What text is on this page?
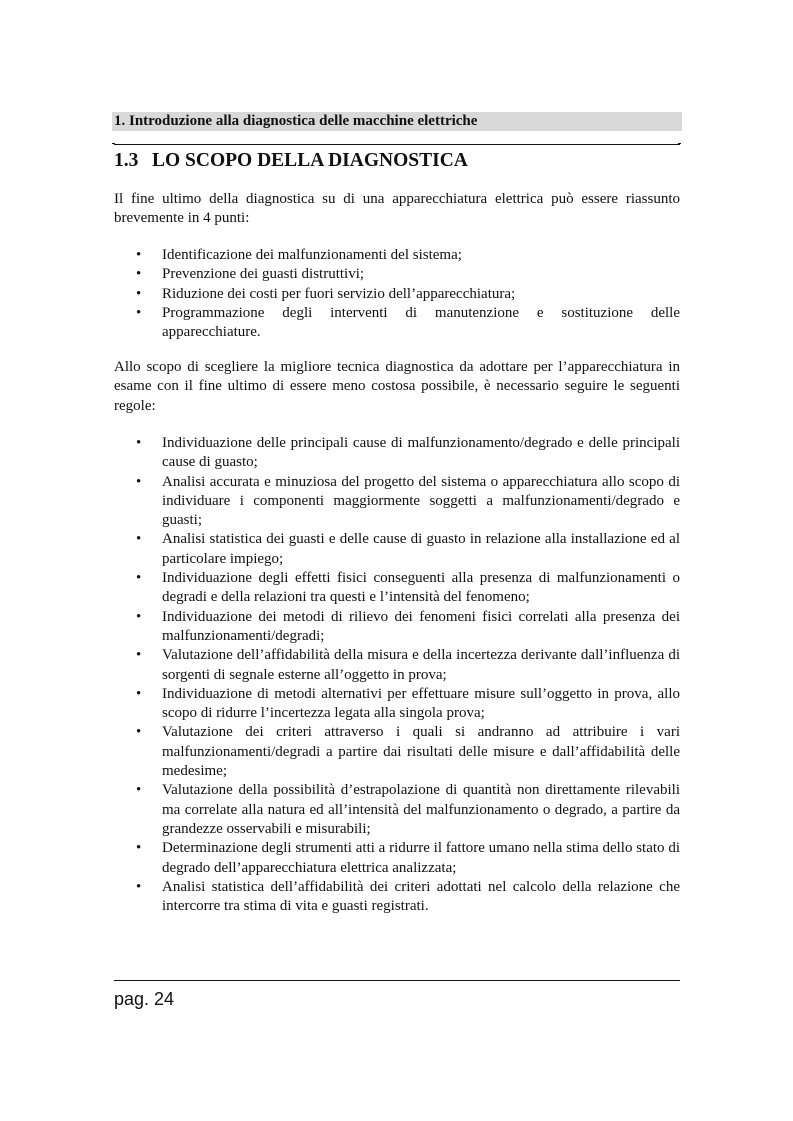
1. Introduzione alla diagnostica delle macchine elettriche
1.3 LO SCOPO DELLA DIAGNOSTICA

Il fine ultimo della diagnostica su di una apparecchiatura elettrica può essere riassunto brevemente in 4 punti:

• Identificazione dei malfunzionamenti del sistema;
• Prevenzione dei guasti distruttivi;
• Riduzione dei costi per fuori servizio dell’apparecchiatura;
• Programmazione degli interventi di manutenzione e sostituzione delle apparecchiature.

Allo scopo di scegliere la migliore tecnica diagnostica da adottare per l’apparecchiatura in esame con il fine ultimo di essere meno costosa possibile, è necessario seguire le seguenti regole:

• Individuazione delle principali cause di malfunzionamento/degrado e delle principali cause di guasto;
• Analisi accurata e minuziosa del progetto del sistema o apparecchiatura allo scopo di individuare i componenti maggiormente soggetti a malfunzionamenti/degrado e guasti;
• Analisi statistica dei guasti e delle cause di guasto in relazione alla installazione ed al particolare impiego;
• Individuazione degli effetti fisici conseguenti alla presenza di malfunzionamenti o degradi e della relazioni tra questi e l’intensità del fenomeno;
• Individuazione dei metodi di rilievo dei fenomeni fisici correlati alla presenza dei malfunzionamenti/degradi;
• Valutazione dell’affidabilità della misura e della incertezza derivante dall’influenza di sorgenti di segnale esterne all’oggetto in prova;
• Individuazione di metodi alternativi per effettuare misure sull’oggetto in prova, allo scopo di ridurre l’incertezza legata alla singola prova;
• Valutazione dei criteri attraverso i quali si andranno ad attribuire i vari malfunzionamenti/degradi a partire dai risultati delle misure e dall’affidabilità delle medesime;
• Valutazione della possibilità d’estrapolazione di quantità non direttamente rilevabili ma correlate alla natura ed all’intensità del malfunzionamento o degrado, a partire da grandezze osservabili e misurabili;
• Determinazione degli strumenti atti a ridurre il fattore umano nella stima dello stato di degrado dell’apparecchiatura elettrica analizzata;
• Analisi statistica dell’affidabilità dei criteri adottati nel calcolo della relazione che intercorre tra stima di vita e guasti registrati.
pag. 24
